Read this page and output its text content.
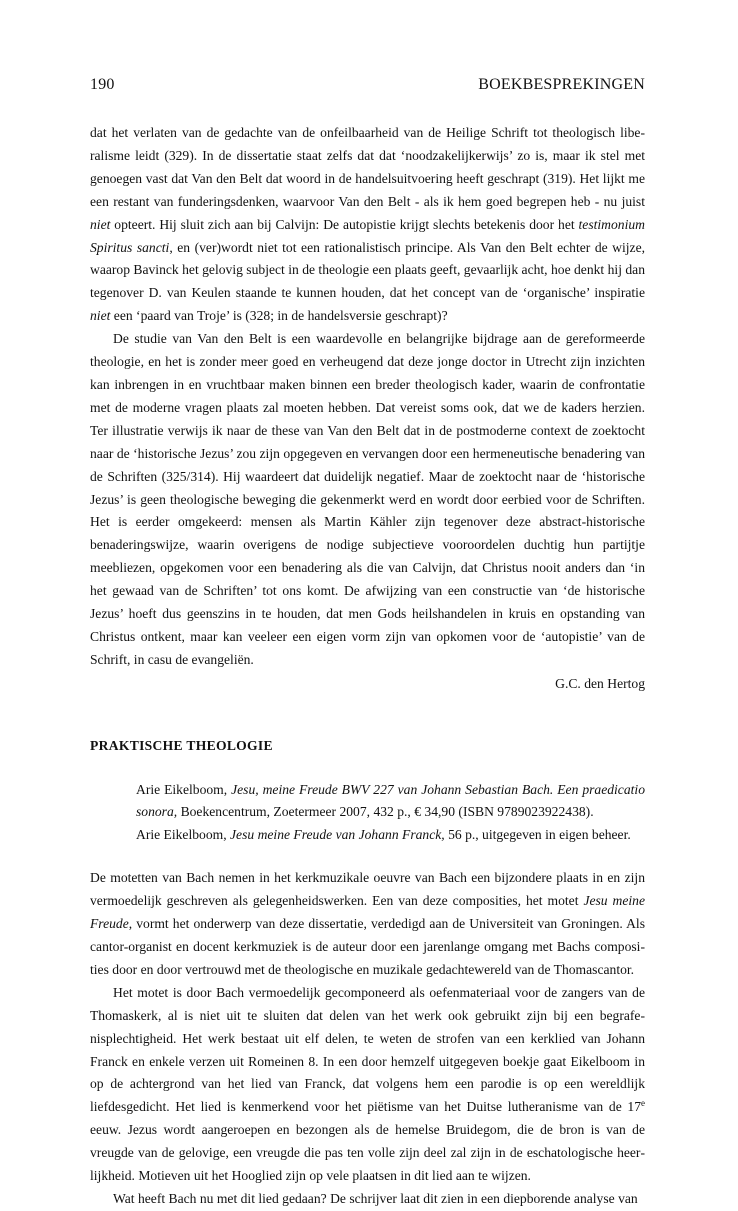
190	BOEKBESPREKINGEN

dat het verlaten van de gedachte van de onfeilbaarheid van de Heilige Schrift tot theologisch liberalisme leidt (329). In de dissertatie staat zelfs dat dat ‘noodzakelijkerwijs’ zo is, maar ik stel met genoegen vast dat Van den Belt dat woord in de handelsuitvoering heeft geschrapt (319). Het lijkt me een restant van funderingsdenken, waarvoor Van den Belt - als ik hem goed begrepen heb - nu juist niet opteert. Hij sluit zich aan bij Calvijn: De autopistie krijgt slechts betekenis door het testimonium Spiritus sancti, en (ver)wordt niet tot een rationalistisch principe. Als Van den Belt echter de wijze, waarop Bavinck het gelovig subject in de theologie een plaats geeft, gevaarlijk acht, hoe denkt hij dan tegenover D. van Keulen staande te kunnen houden, dat het concept van de ‘organische’ inspiratie niet een ‘paard van Troje’ is (328; in de handelsversie geschrapt)?

De studie van Van den Belt is een waardevolle en belangrijke bijdrage aan de gereformeerde theologie, en het is zonder meer goed en verheugend dat deze jonge doctor in Utrecht zijn inzichten kan inbrengen in en vruchtbaar maken binnen een breder theologisch kader, waarin de confrontatie met de moderne vragen plaats zal moeten hebben. Dat vereist soms ook, dat we de kaders herzien. Ter illustratie verwijs ik naar de these van Van den Belt dat in de postmoderne context de zoektocht naar de ‘historische Jezus’ zou zijn opgegeven en vervangen door een hermeneutische benadering van de Schriften (325/314). Hij waardeert dat duidelijk negatief. Maar de zoektocht naar de ‘historische Jezus’ is geen theologische beweging die gekenmerkt werd en wordt door eerbied voor de Schriften. Het is eerder omgekeerd: mensen als Martin Kähler zijn tegenover deze abstract-historische benaderingswijze, waarin overigens de nodige subjectieve vooroordelen duchtig hun partijtje meebliezen, opgekomen voor een benadering als die van Calvijn, dat Christus nooit anders dan ‘in het gewaad van de Schriften’ tot ons komt. De afwijzing van een constructie van ‘de historische Jezus’ hoeft dus geenszins in te houden, dat men Gods heilshandelen in kruis en opstanding van Christus ontkent, maar kan veeleer een eigen vorm zijn van opkomen voor de ‘autopistie’ van de Schrift, in casu de evangeliën.

G.C. den Hertog
PRAKTISCHE THEOLOGIE

Arie Eikelboom, Jesu, meine Freude BWV 227 van Johann Sebastian Bach. Een praedicatio sonora, Boekencentrum, Zoetermeer 2007, 432 p., € 34,90 (ISBN 9789023922438).

Arie Eikelboom, Jesu meine Freude van Johann Franck, 56 p., uitgegeven in eigen beheer.

De motetten van Bach nemen in het kerkmuzikale oeuvre van Bach een bijzondere plaats in en zijn vermoedelijk geschreven als gelegenheidswerken. Een van deze composities, het motet Jesu meine Freude, vormt het onderwerp van deze dissertatie, verdedigd aan de Universiteit van Groningen. Als cantor-organist en docent kerkmuziek is de auteur door een jarenlange omgang met Bachs composities door en door vertrouwd met de theologische en muzikale gedachtewereld van de Thomascantor.

Het motet is door Bach vermoedelijk gecomponeerd als oefenmateriaal voor de zangers van de Thomaskerk, al is niet uit te sluiten dat delen van het werk ook gebruikt zijn bij een begrafenisplechtigheid. Het werk bestaat uit elf delen, te weten de strofen van een kerklied van Johann Franck en enkele verzen uit Romeinen 8. In een door hemzelf uitgegeven boekje gaat Eikelboom in op de achtergrond van het lied van Franck, dat volgens hem een parodie is op een wereldlijk liefdesgedicht. Het lied is kenmerkend voor het piëtisme van het Duitse lutheranisme van de 17e eeuw. Jezus wordt aangeroepen en bezongen als de hemelse Bruidegom, die de bron is van de vreugde van de gelovige, een vreugde die pas ten volle zijn deel zal zijn in de eschatologische heerlijkheid. Motieven uit het Hooglied zijn op vele plaatsen in dit lied aan te wijzen.

Wat heeft Bach nu met dit lied gedaan? De schrijver laat dit zien in een diepborende analyse van
